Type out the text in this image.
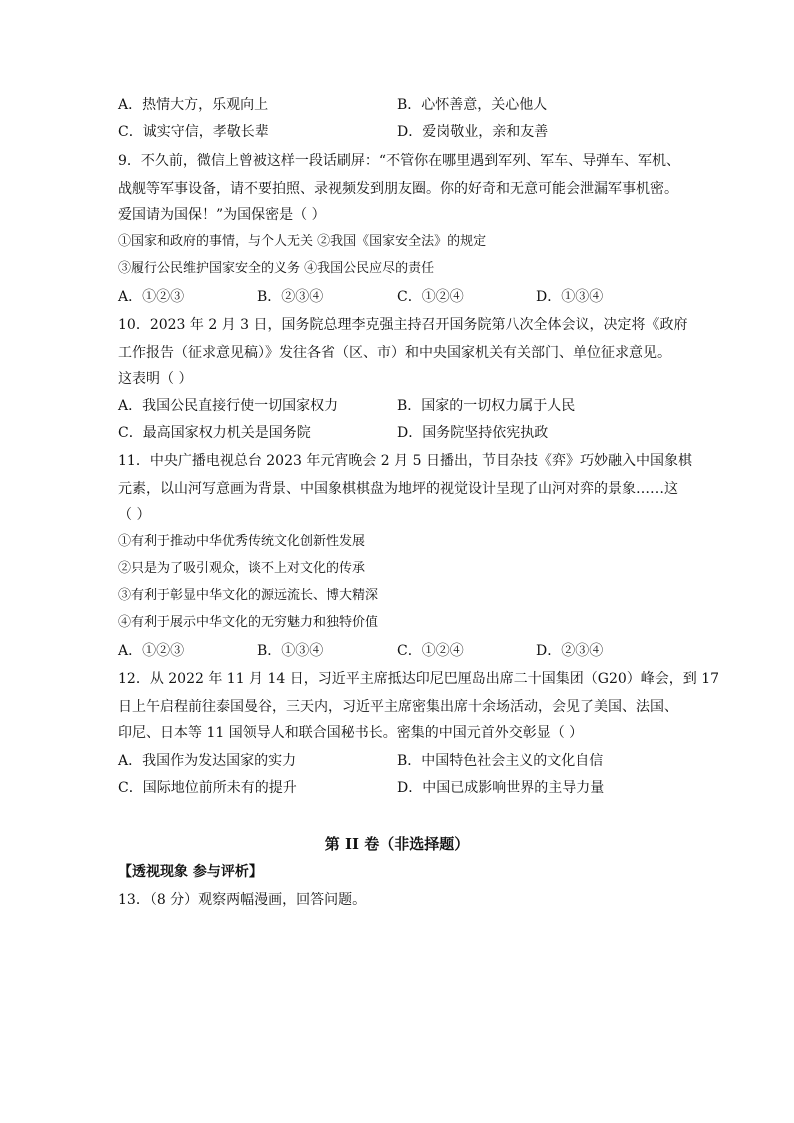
A．热情大方，乐观向上	B．心怀善意，关心他人
C．诚实守信，孝敬长辈	D．爱岗敬业，亲和友善
9．不久前，微信上曾被这样一段话刷屏：“不管你在哪里遇到军列、军车、导弹车、军机、
战舰等军事设备，请不要拍照、录视频发到朋友圈。你的好奇和无意可能会泄漏军事机密。
爱国请为国保！”为国保密是（ ）
①国家和政府的事情，与个人无关 ②我国《国家安全法》的规定
③履行公民维护国家安全的义务 ④我国公民应尽的责任
A．①②③	B．②③④	C．①②④	D．①③④
10．2023 年 2 月 3 日，国务院总理李克强主持召开国务院第八次全体会议，决定将《政府
工作报告（征求意见稿）》发往各省（区、市）和中央国家机关有关部门、单位征求意见。
这表明（ ）
A．我国公民直接行使一切国家权力	B．国家的一切权力属于人民
C．最高国家权力机关是国务院	D．国务院坚持依宪执政
11．中央广播电视总台 2023 年元宵晚会 2 月 5 日播出，节目杂技《弈》巧妙融入中国象棋
元素，以山河写意画为背景、中国象棋棋盘为地坪的视觉设计呈现了山河对弈的景象……这
（ ）
①有利于推动中华优秀传统文化创新性发展
②只是为了吸引观众，谈不上对文化的传承
③有利于彰显中华文化的源远流长、博大精深
④有利于展示中华文化的无穷魅力和独特价值
A．①②③	B．①③④	C．①②④	D．②③④
12．从 2022 年 11 月 14 日，习近平主席抵达印尼巴厘岛出席二十国集团（G20）峰会，到 17
日上午启程前往泰国曼谷，三天内，习近平主席密集出席十余场活动，会见了美国、法国、
印尼、日本等 11 国领导人和联合国秘书长。密集的中国元首外交彰显（ ）
A．我国作为发达国家的实力	B．中国特色社会主义的文化自信
C．国际地位前所未有的提升	D．中国已成影响世界的主导力量
第 II 卷（非选择题）
【透视现象 参与评析】
13．（8 分）观察两幅漫画，回答问题。
